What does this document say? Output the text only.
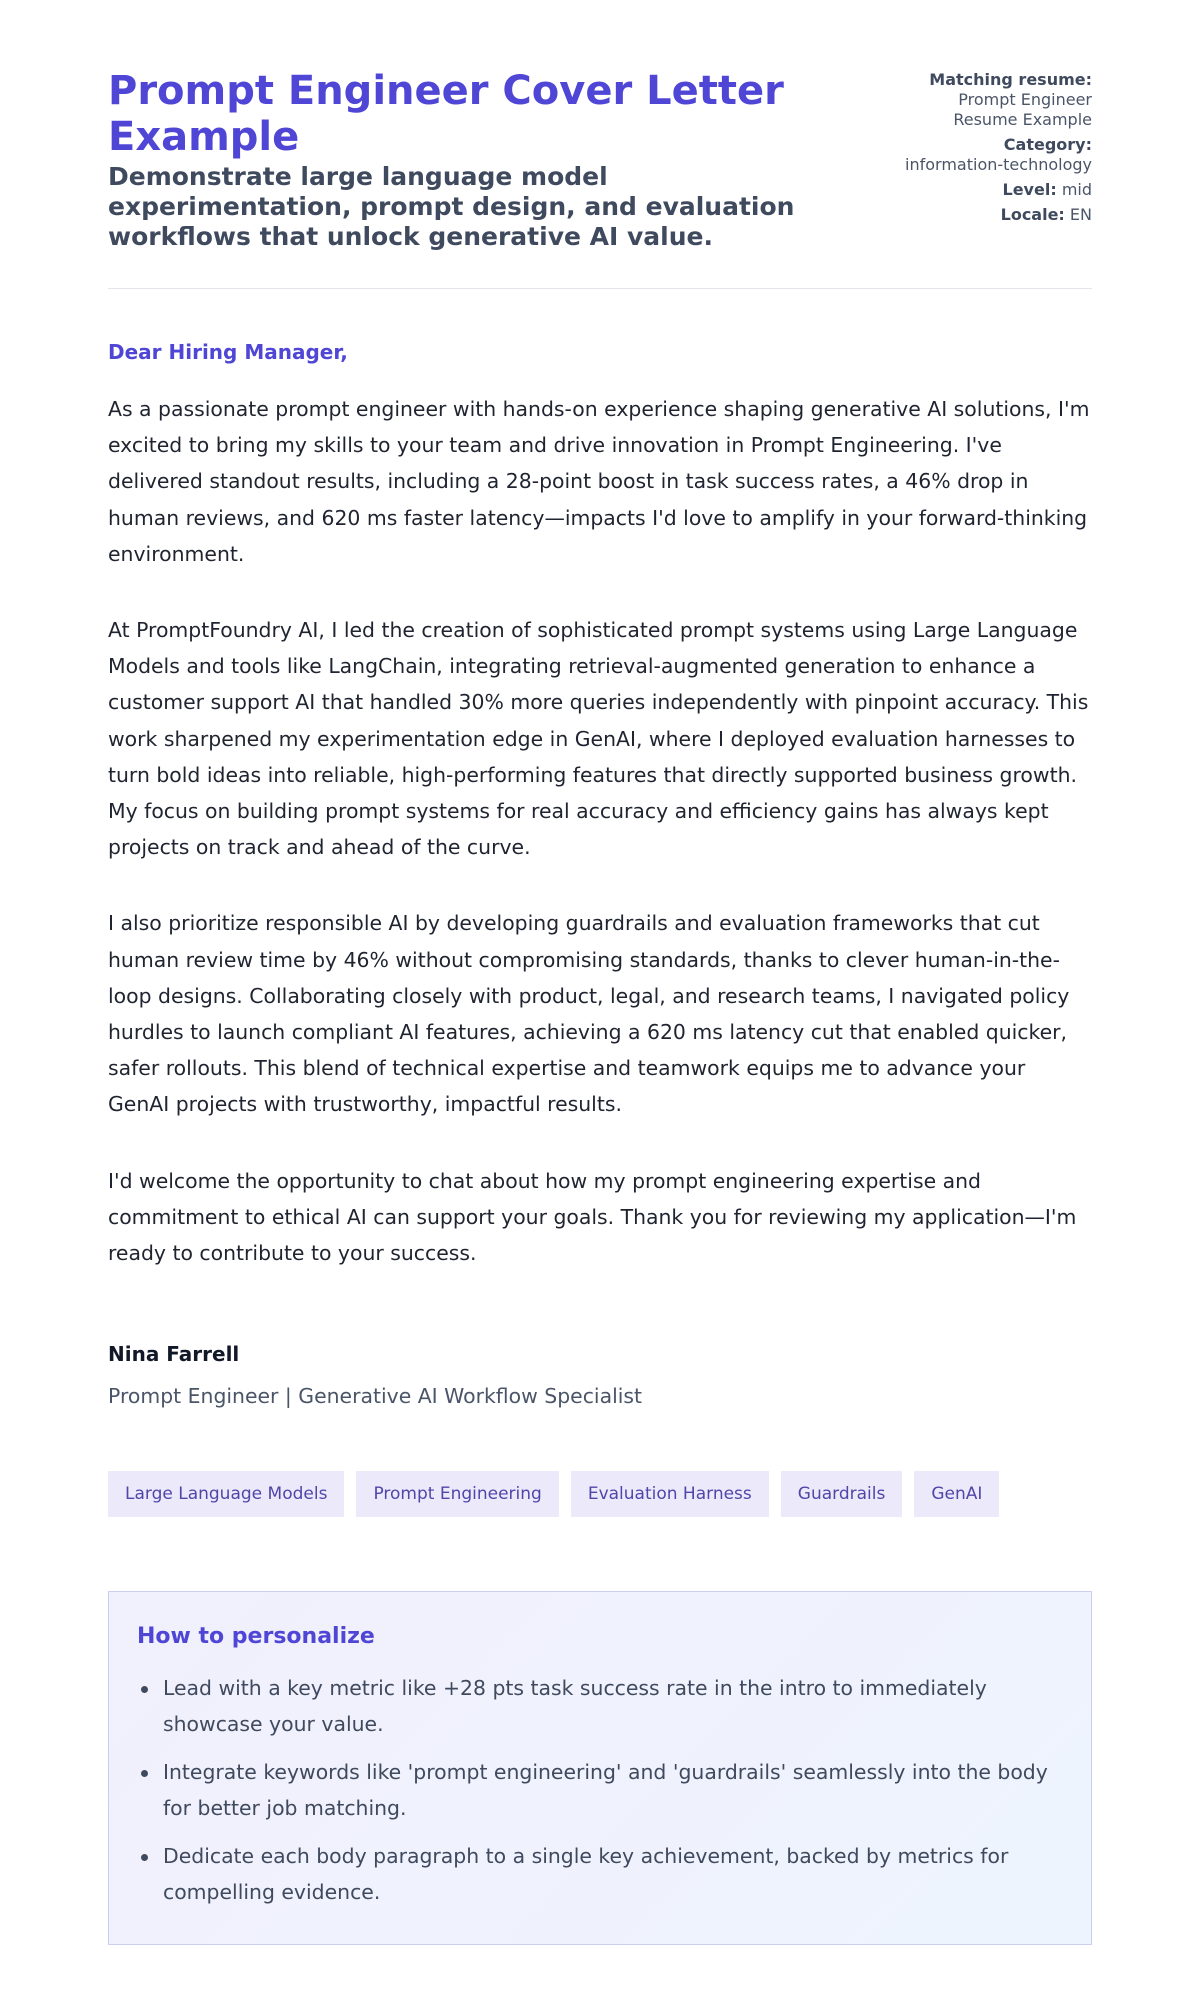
Prompt Engineer Cover Letter Example
Demonstrate large language model experimentation, prompt design, and evaluation workflows that unlock generative AI value.
Matching resume:
Prompt Engineer Resume Example
Category:
information-technology
Level: mid
Locale: EN
Dear Hiring Manager,

As a passionate prompt engineer with hands-on experience shaping generative AI solutions, I'm excited to bring my skills to your team and drive innovation in Prompt Engineering. I've delivered standout results, including a 28-point boost in task success rates, a 46% drop in human reviews, and 620 ms faster latency—impacts I'd love to amplify in your forward-thinking environment.

At PromptFoundry AI, I led the creation of sophisticated prompt systems using Large Language Models and tools like LangChain, integrating retrieval-augmented generation to enhance a customer support AI that handled 30% more queries independently with pinpoint accuracy. This work sharpened my experimentation edge in GenAI, where I deployed evaluation harnesses to turn bold ideas into reliable, high-performing features that directly supported business growth. My focus on building prompt systems for real accuracy and efficiency gains has always kept projects on track and ahead of the curve.

I also prioritize responsible AI by developing guardrails and evaluation frameworks that cut human review time by 46% without compromising standards, thanks to clever human-in-the-loop designs. Collaborating closely with product, legal, and research teams, I navigated policy hurdles to launch compliant AI features, achieving a 620 ms latency cut that enabled quicker, safer rollouts. This blend of technical expertise and teamwork equips me to advance your GenAI projects with trustworthy, impactful results.

I'd welcome the opportunity to chat about how my prompt engineering expertise and commitment to ethical AI can support your goals. Thank you for reviewing my application—I'm ready to contribute to your success.

Nina Farrell
Prompt Engineer | Generative AI Workflow Specialist
Large Language Models	Prompt Engineering	Evaluation Harness	Guardrails	GenAI
How to personalize
Lead with a key metric like +28 pts task success rate in the intro to immediately showcase your value.
Integrate keywords like 'prompt engineering' and 'guardrails' seamlessly into the body for better job matching.
Dedicate each body paragraph to a single key achievement, backed by metrics for compelling evidence.
